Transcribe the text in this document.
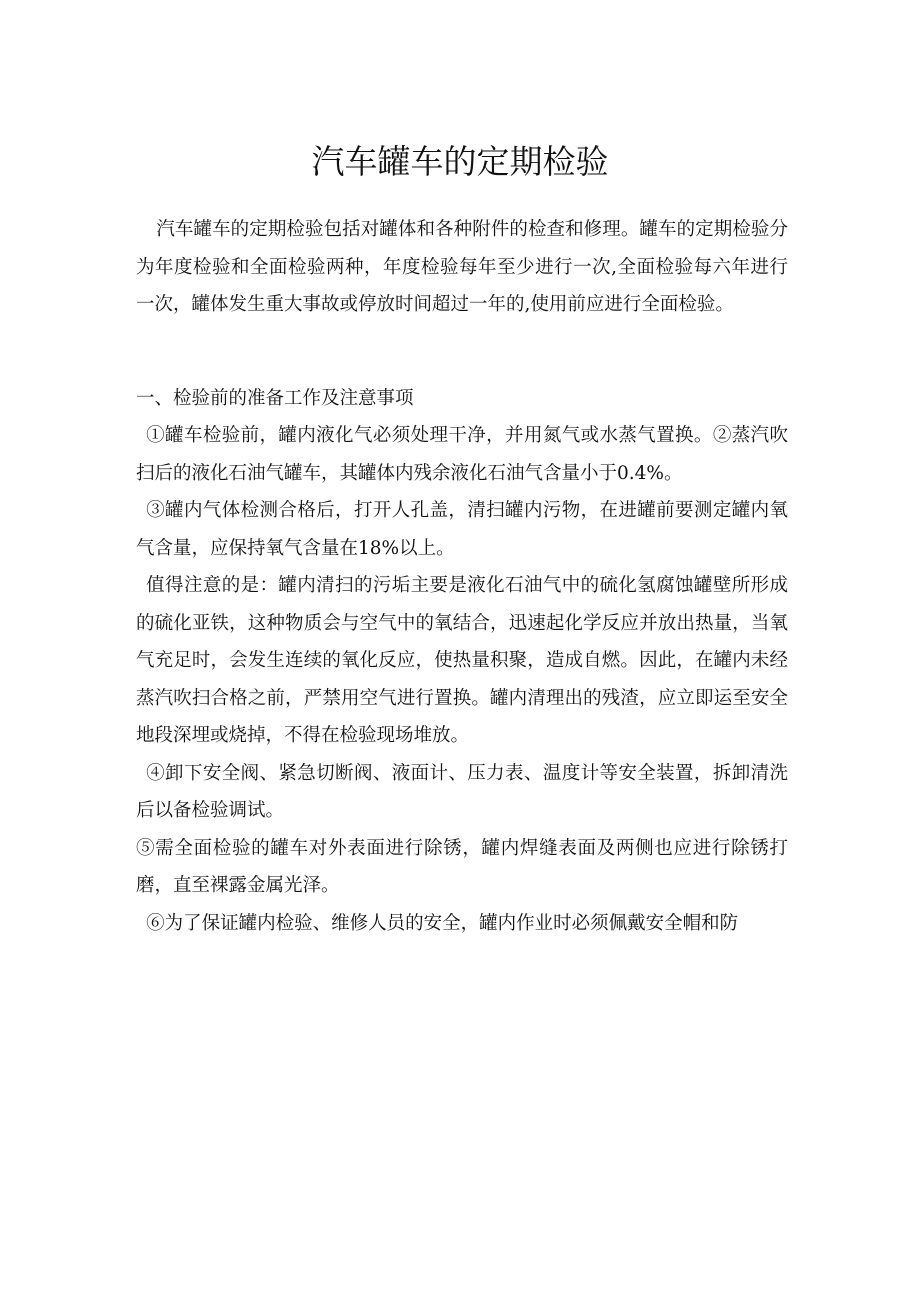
汽车罐车的定期检验

汽车罐车的定期检验包括对罐体和各种附件的检查和修理。罐车的定期检验分为年度检验和全面检验两种，年度检验每年至少进行一次,全面检验每六年进行一次，罐体发生重大事故或停放时间超过一年的,使用前应进行全面检验。

一、检验前的准备工作及注意事项

①罐车检验前，罐内液化气必须处理干净，并用氮气或水蒸气置换。②蒸汽吹扫后的液化石油气罐车，其罐体内残余液化石油气含量小于0.4%。

③罐内气体检测合格后，打开人孔盖，清扫罐内污物，在进罐前要测定罐内氧气含量，应保持氧气含量在18%以上。

值得注意的是：罐内清扫的污垢主要是液化石油气中的硫化氢腐蚀罐壁所形成的硫化亚铁，这种物质会与空气中的氧结合，迅速起化学反应并放出热量，当氧气充足时，会发生连续的氧化反应，使热量积聚，造成自燃。因此，在罐内未经蒸汽吹扫合格之前，严禁用空气进行置换。罐内清理出的残渣，应立即运至安全地段深埋或烧掉，不得在检验现场堆放。

④卸下安全阀、紧急切断阀、液面计、压力表、温度计等安全装置，拆卸清洗后以备检验调试。

⑤需全面检验的罐车对外表面进行除锈，罐内焊缝表面及两侧也应进行除锈打磨，直至裸露金属光泽。

⑥为了保证罐内检验、维修人员的安全，罐内作业时必须佩戴安全帽和防
